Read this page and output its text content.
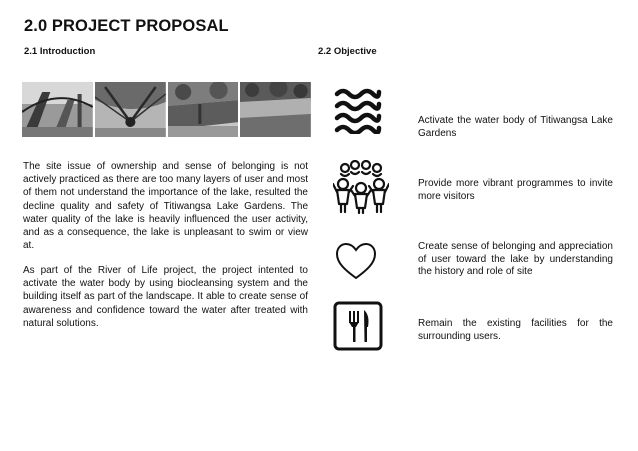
2.0 PROJECT PROPOSAL
2.1 Introduction	2.2 Objective
The site issue of ownership and sense of belonging is not actively practiced as there are too many layers of user and most of them not understand the importance of the lake, resulted the decline quality and safety of Titiwangsa Lake Gardens. The water quality of the lake is heavily influenced the user activity, and as a consequence, the lake is unpleasant to swim or view at.
As part of the River of Life project, the project intented to activate the water body by using biocleansing system and the building itself as part of the landscape. It able to create sense of awareness and confidence toward the water after treated with natural solutions.
Activate the water body of Titiwangsa Lake Gardens
Provide more vibrant programmes to invite more visitors
Create sense of belonging and appreciation of user toward the lake by understanding the history and role of site
Remain the existing facilities for the surrounding users.
